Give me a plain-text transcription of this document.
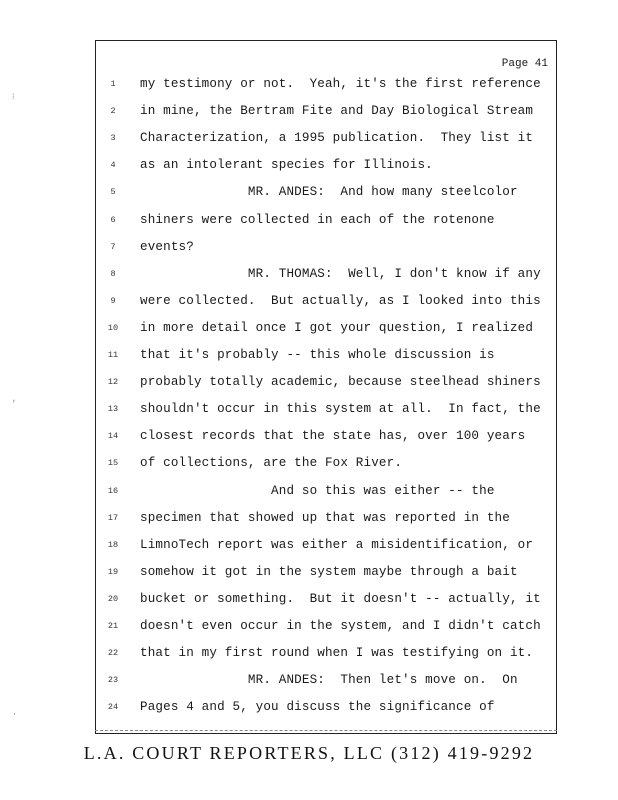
Page 41
1	my testimony or not.  Yeah, it's the first reference
2	in mine, the Bertram Fite and Day Biological Stream
3	Characterization, a 1995 publication.  They list it
4	as an intolerant species for Illinois.
5	MR. ANDES:  And how many steelcolor
6	shiners were collected in each of the rotenone
7	events?
8	MR. THOMAS:  Well, I don't know if any
9	were collected.  But actually, as I looked into this
10	in more detail once I got your question, I realized
11	that it's probably -- this whole discussion is
12	probably totally academic, because steelhead shiners
13	shouldn't occur in this system at all.  In fact, the
14	closest records that the state has, over 100 years
15	of collections, are the Fox River.
16	And so this was either -- the
17	specimen that showed up that was reported in the
18	LimnoTech report was either a misidentification, or
19	somehow it got in the system maybe through a bait
20	bucket or something.  But it doesn't -- actually, it
21	doesn't even occur in the system, and I didn't catch
22	that in my first round when I was testifying on it.
23	MR. ANDES:  Then let's move on.  On
24	Pages 4 and 5, you discuss the significance of
⁝
,
·
L.A. COURT REPORTERS, LLC (312) 419-9292
